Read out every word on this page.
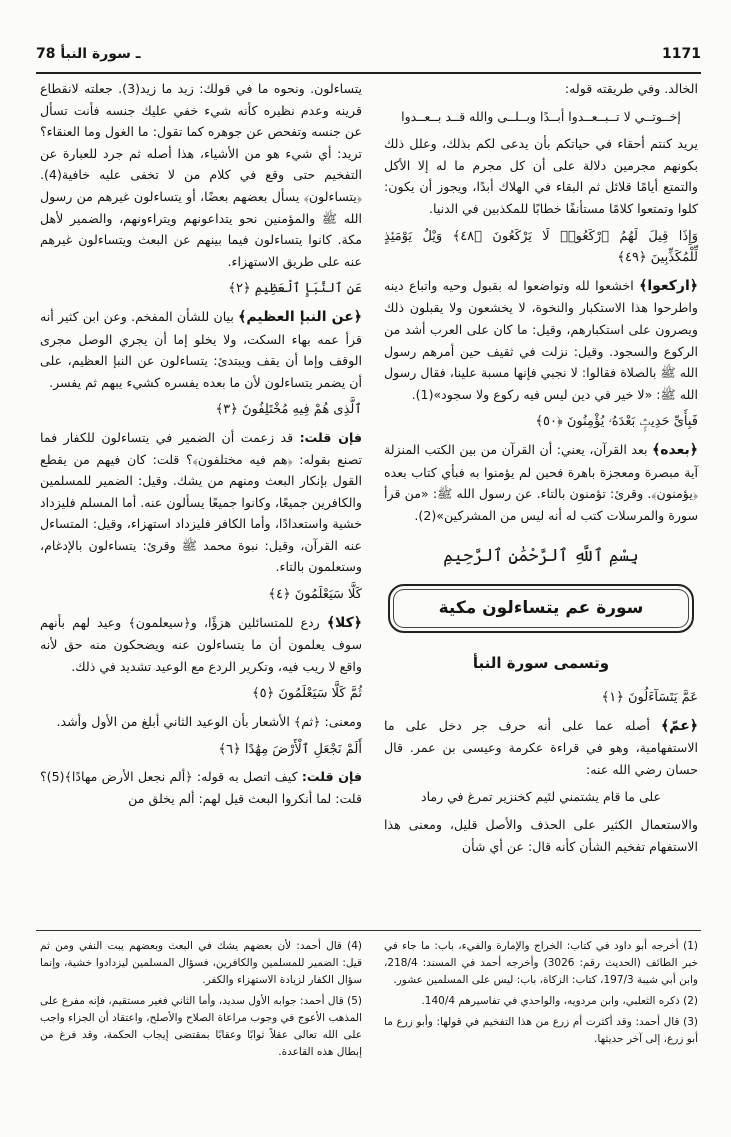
78 ـ سورة النبأ	1171

الخالد. وفي طريقته قوله:

إخــوتــي لا تــبــعــدوا أبــدًا وبــلــى والله قــد بــعــدوا

يريد كنتم أحقاء في حياتكم بأن يدعى لكم بذلك، وعلل ذلك بكونهم مجرمين دلالة على أن كل مجرم ما له إلا الأكل والتمتع أيامًا قلائل ثم البقاء في الهلاك أبدًا، ويجوز أن يكون: كلوا وتمتعوا كلامًا مستأنفًا خطابًا للمكذبين في الدنيا.

وَإِذَا قِيلَ لَهُمُ ٱرْكَعُوا۟ لَا يَرْكَعُونَ ﴿٤٨﴾ وَيْلٌ يَوْمَئِذٍ لِّلْمُكَذِّبِينَ ﴿٤٩﴾

﴿ارکعوا﴾ اخشعوا لله وتواضعوا له بقبول وحيه واتباع دينه واطرحوا هذا الاستكبار والنخوة، لا يخشعون ولا يقبلون ذلك ويصرون على استكبارهم، وقيل: ما كان على العرب أشد من الركوع والسجود. وقيل: نزلت في ثقيف حين أمرهم رسول الله ﷺ بالصلاة فقالوا: لا نجبي فإنها مسبة علينا، فقال رسول الله ﷺ: «لا خير في دين ليس فيه ركوع ولا سجود»(1).

فَبِأَىِّ حَدِيثٍۭ بَعْدَهُۥ يُؤْمِنُونَ ﴿٥٠﴾

﴿بعده﴾ بعد القرآن، يعني: أن القرآن من بين الكتب المنزلة آية مبصرة ومعجزة باهرة فحين لم يؤمنوا به فبأي كتاب بعده ﴿يؤمنون﴾. وقرئ: تؤمنون بالتاء. عن رسول الله ﷺ: «من قرأ سورة والمرسلات كتب له أنه ليس من المشركين»(2).

بِسْمِ ٱللَّهِ ٱلرَّحْمَٰنِ ٱلرَّحِيمِ
سورة عم يتساءلون مكية
وتسمى سورة النبأ
عَمَّ يَتَسَآءَلُونَ ﴿١﴾

﴿عمّ﴾ أصله عما على أنه حرف جر دخل على ما الاستفهامية، وهو في قراءة عكرمة وعيسى بن عمر. قال حسان رضي الله عنه:

على ما قام يشتمني لئيم كخنزير تمرغ في رماد

والاستعمال الكثير على الحذف والأصل قليل، ومعنى هذا الاستفهام تفخيم الشأن كأنه قال: عن أي شأن

يتساءلون. ونحوه ما في قولك: زيد ما زيد(3). جعلته لانقطاع قرينه وعدم نظيره كأنه شيء خفي عليك جنسه فأنت تسأل عن جنسه وتفحص عن جوهره كما تقول: ما الغول وما العنقاء؟ تريد: أي شيء هو من الأشياء، هذا أصله ثم جرد للعبارة عن التفخيم حتى وقع في كلام من لا تخفى عليه خافية(4). ﴿يتساءلون﴾ يسأل بعضهم بعضًا، أو يتساءلون غيرهم من رسول الله ﷺ والمؤمنين نحو يتداعونهم ويتراءونهم، والضمير لأهل مكة. كانوا يتساءلون فيما بينهم عن البعث ويتساءلون غيرهم عنه على طريق الاستهزاء.

عَنِ ٱلنَّبَإِ ٱلْعَظِيمِ ﴿٢﴾

﴿عن النبإ العظيم﴾ بيان للشأن المفخم. وعن ابن كثير أنه قرأ عمه بهاء السكت، ولا يخلو إما أن يجري الوصل مجرى الوقف وإما أن يقف ويبتدئ: يتساءلون عن النبإ العظيم، على أن يضمر يتساءلون لأن ما بعده يفسره كشيء يبهم ثم يفسر.

ٱلَّذِى هُمْ فِيهِ مُخْتَلِفُونَ ﴿٣﴾

فإن قلت: قد زعمت أن الضمير في يتساءلون للكفار فما تصنع بقوله: ﴿هم فيه مختلفون﴾؟ قلت: كان فيهم من يقطع القول بإنكار البعث ومنهم من يشك. وقيل: الضمير للمسلمين والكافرين جميعًا، وكانوا جميعًا يسألون عنه. أما المسلم فليزداد خشية واستعدادًا، وأما الكافر فليزداد استهزاء، وقيل: المتساءل عنه القرآن، وقيل: نبوة محمد ﷺ وقرئ: يتساءلون بالإدغام، وستعلمون بالتاء.

كَلَّا سَيَعْلَمُونَ ﴿٤﴾

﴿كلا﴾ ردع للمتسائلين هزؤًا، و﴿سيعلمون﴾ وعيد لهم بأنهم سوف يعلمون أن ما يتساءلون عنه ويضحكون منه حق لأنه واقع لا ريب فيه، وتكرير الردع مع الوعيد تشديد في ذلك.

ثُمَّ كَلَّا سَيَعْلَمُونَ ﴿٥﴾

ومعنى: ﴿ثم﴾ الأشعار بأن الوعيد الثاني أبلغ من الأول وأشد.

أَلَمْ نَجْعَلِ ٱلْأَرْضَ مِهَٰدًا ﴿٦﴾

فإن قلت: كيف اتصل به قوله: ﴿ألم نجعل الأرض مهادًا﴾(5)؟ قلت: لما أنكروا البعث قيل لهم: ألم يخلق من

(1) أخرجه أبو داود في كتاب: الخراج والإمارة والفيء، باب: ما جاء في خبر الطائف (الحديث رقم: 3026) وأخرجه أحمد في المسند: 218/4، وابن أبي شيبة 197/3، كتاب: الزكاة، باب: ليس على المسلمين عشور.

(2) ذكره الثعلبي، وابن مردويه، والواحدي في تفاسيرهم 140/4.

(3) قال أحمد: وقد أكثرت أم زرع من هذا التفخيم في قولها: وأبو زرع ما أبو زرع، إلى آخر حديثها.

(4) قال أحمد: لأن بعضهم يشك في البعث وبعضهم يبت النفي ومن ثم قيل: الضمير للمسلمين والكافرين، فسؤال المسلمين ليزدادوا خشية، وإنما سؤال الكفار لزيادة الاستهزاء والكفر.

(5) قال أحمد: جوابه الأول سديد، وأما الثاني فغير مستقيم، فإنه مفرع على المذهب الأعوج في وجوب مراعاة الصلاح والأصلح، واعتقاد أن الجزاء واجب على الله تعالى عقلاً ثوابًا وعقابًا بمقتضى إيجاب الحكمة، وقد فرغ من إبطال هذه القاعدة.
